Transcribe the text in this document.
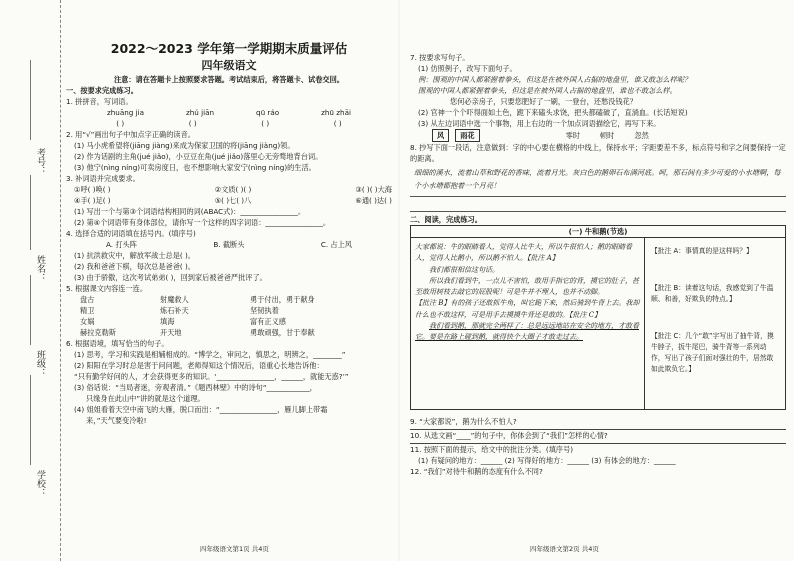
考号：
姓名：
班级：
学校：
2022～2023 学年第一学期期末质量评估
四年级语文

注意：请在答题卡上按照要求答题。考试结束后，将答题卡、试卷交回。

一、按要求完成练习。

1. 拼拼音，写词语。

zhuāng jia	zhú jiān	qū ráo	zhū zhāi
( )	( )	( )	( )

2. 用“√”画出句子中加点字正确的读音。

(1) 马小虎希望将(jiāng jiàng)来成为保家卫国的将(jiāng jiàng)领。

(2) 作为话剧的主角(jué jiǎo)，小豆豆在角(jué jiǎo)落里心无旁骛地背台词。

(3) 他宁(nìng níng)可卖房度日，也不想影响大家安宁(nìng níng)的生活。

3. 补词语并完成要求。

①呼( )唤( )	②文质( )( )	③( )( )大海
④手( )足( )	⑤( )七( )八	⑥通( )达( )

(1) 写出一个与第③个词语结构相同的词(ABAC式)：________________。

(2) 第④个词语带有身体部位，请你写一个这样的四字词语：________________。

4. 选择合适的词语填在括号内。(填序号)

A. 打头阵	B. 截断头	C. 占上风

(1) 抗洪救灾中，解放军战士总是( )。

(2) 我和爸爸下棋，每次总是爸爸( )。

(3) 由于骄傲，这次考试弟弟( )，回到家后被爸爸严批评了。

5. 根据课文内容连一连。

盘古

精卫

女娲

赫拉克勒斯

射魔救人

炼石补天

填海

开天地

勇于付出，勇于献身

坚韧执着

富有正义感

勇敢顽强，甘于奉献

6. 根据语境，填写恰当的句子。

(1) 思考，学习和实践是相辅相成的。“博学之，审问之，慎思之，明辨之，________”

(2) 阳阳在学习时总是害于问问题，老师得知这个情况后，语重心长地告诉他：

“只有勤学好问的人，才会获得更多的知识。‘________________，______，就能无惑?’”

(3) 俗话说：“当局者迷，旁观者清。”《题西林壁》中的诗句“____________，

只缘身在此山中”讲的就是这个道理。

(4) 姐姐看着天空中南飞的大雁，脱口而出：“________________，雁儿脚上带霜

来，”天气要变冷啦!

四年级语文第1页 共4页

7. 按要求写句子。

(1) 仿照例子，改写下面句子。

例：围观的中国人都紧握着拳头，但这是在被外国人占据的地盘里，谁又敢怎么样呢？

围观的中国人都紧握着拳头，但这是在被外国人占据的地盘里，谁也不敢怎么样。

您何必亲房子，只要您肥好了一刷，一登台，还愁没钱花？

(2) 官神一个个吓得面如土色，跪下来磕头求饶，把头都磕破了，直淌血。(长话短说)

(3) 从左边词语中选一个事物，用上右边的一个加点词语描绘它，再写下来。

风	雨花	零时	顿时	忽然

8. 抄写下面一段话，注意做到：字的中心要在横格的中线上，保持水平；字距要差不多，标点符号和字之间要保持一定的距离。

细细的溪水，流着山草和野花的香味，流着月光。灰白色的鹅卵石布满河底。呵，那石间有多少可爱的小水塘啊，每个小水塘都抱着一个月亮！

二、阅读，完成练习。

(一) 牛和鹅(节选)

大家都说：牛的眼睛看人，觉得人比牛大，所以牛很怕人；鹅的眼睛看人，觉得人比鹅小，所以鹅不怕人。【批注 A】

我们都很相信这句话。

所以我们看到牛，一点儿不害怕，敢用手指它的背，摸它的肚子，甚至敢用树枝去敲它的屁股呢！可是牛并不理人，也并不动脚。

【批注 B】有的孩子还敢抓牛角，叫它跪下来，然后骑到牛背上去。我却什么也不敢这样，可是用手去摸摸牛背还是敢的。【批注 C】

我们看到鹅，那就完全两样了：总是远远地站在安全的地方，才敢看它。要是在路上碰到鹅，就得快个大圈子才敢走过去。

【批注 A：事情真的是这样吗？】
【批注 B：读着这句话，我感觉到了牛温顺、和善，好欺负的特点。】
【批注 C：几个“敢”字写出了抽牛背，摸牛脖子，扳牛尾巴，骑牛背等一系列动作，写出了孩子们面对强壮的牛，居然敢如此欺负它。】

9. “大家都说”，鹅为什么不怕人?

10. 从选文画“____”的句子中，你体会到了“我们”怎样的心情?

11. 按照下面的提示，给文中的批注分类。(填序号)

(1) 有疑问的地方：______ (2) 写得好的地方：______ (3) 有体会的地方：______

12. “我们”对待牛和鹅的态度有什么不同?

四年级语文第2页 共4页
